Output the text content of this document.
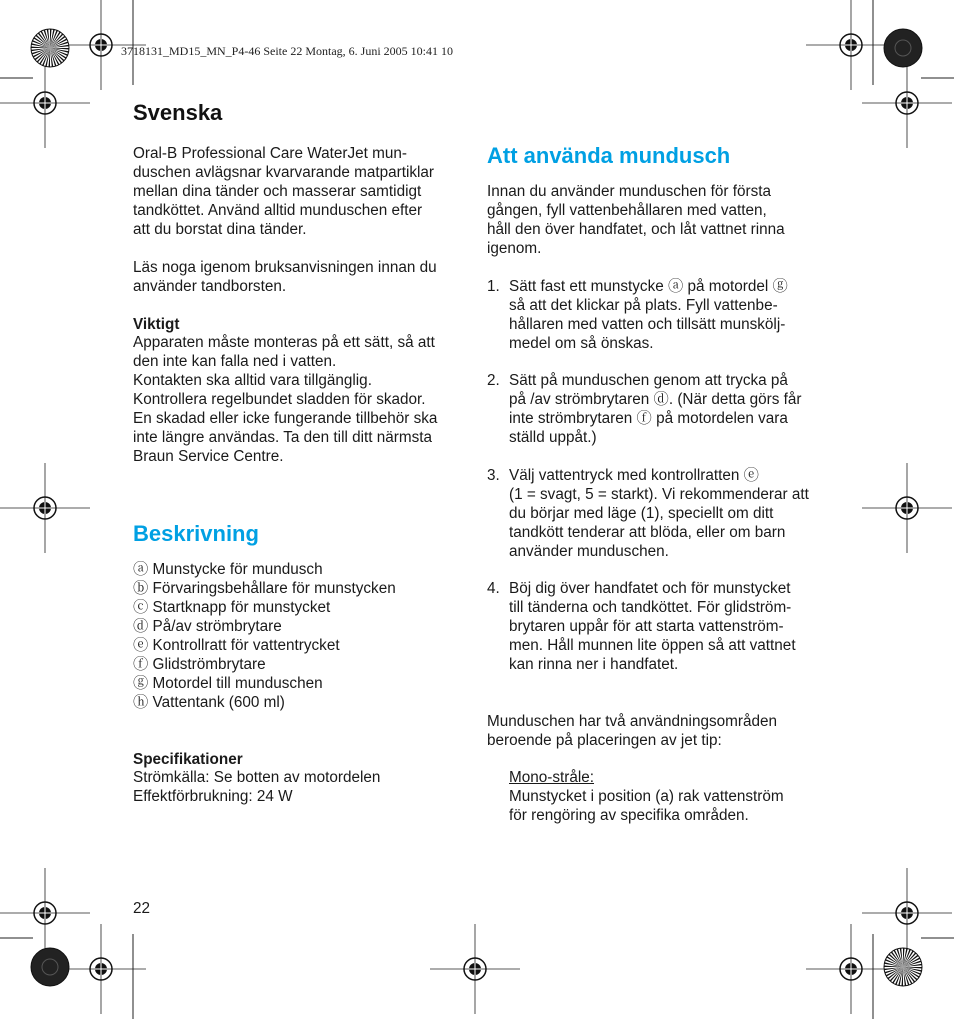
3718131_MD15_MN_P4-46 Seite 22 Montag, 6. Juni 2005 10:41 10
Svenska
Oral-B Professional Care WaterJet mun-
duschen avlägsnar kvarvarande matpartiklar
mellan dina tänder och masserar samtidigt
tandköttet. Använd alltid munduschen efter
att du borstat dina tänder.
Läs noga igenom bruksanvisningen innan du
använder tandborsten.
Viktigt
Apparaten måste monteras på ett sätt, så att
den inte kan falla ned i vatten.
Kontakten ska alltid vara tillgänglig.
Kontrollera regelbundet sladden för skador.
En skadad eller icke fungerande tillbehör ska
inte längre användas. Ta den till ditt närmsta
Braun Service Centre.
Beskrivning
ⓐ Munstycke för mundusch
ⓑ Förvaringsbehållare för munstycken
ⓒ Startknapp för munstycket
ⓓ På/av strömbrytare
ⓔ Kontrollratt för vattentrycket
ⓕ Glidströmbrytare
ⓖ Motordel till munduschen
ⓗ Vattentank (600 ml)
Specifikationer
Strömkälla: Se botten av motordelen
Effektförbrukning: 24 W
22
Att använda mundusch
Innan du använder munduschen för första
gången, fyll vattenbehållaren med vatten,
håll den över handfatet, och låt vattnet rinna
igenom.
1. Sätt fast ett munstycke ⓐ på motordel ⓖ
så att det klickar på plats. Fyll vattenbe-
hållaren med vatten och tillsätt munskölj-
medel om så önskas.
2. Sätt på munduschen genom att trycka på
på /av strömbrytaren ⓓ. (När detta görs får
inte strömbrytaren ⓕ på motordelen vara
ställd uppåt.)
3. Välj vattentryck med kontrollratten ⓔ
(1 = svagt, 5 = starkt). Vi rekommenderar att
du börjar med läge (1), speciellt om ditt
tandkött tenderar att blöda, eller om barn
använder munduschen.
4. Böj dig över handfatet och för munstycket
till tänderna och tandköttet. För glidström-
brytaren uppår för att starta vattenström-
men. Håll munnen lite öppen så att vattnet
kan rinna ner i handfatet.
Munduschen har två användningsområden
beroende på placeringen av jet tip:
Mono-stråle:
Munstycket i position (a) rak vattenström
för rengöring av specifika områden.
